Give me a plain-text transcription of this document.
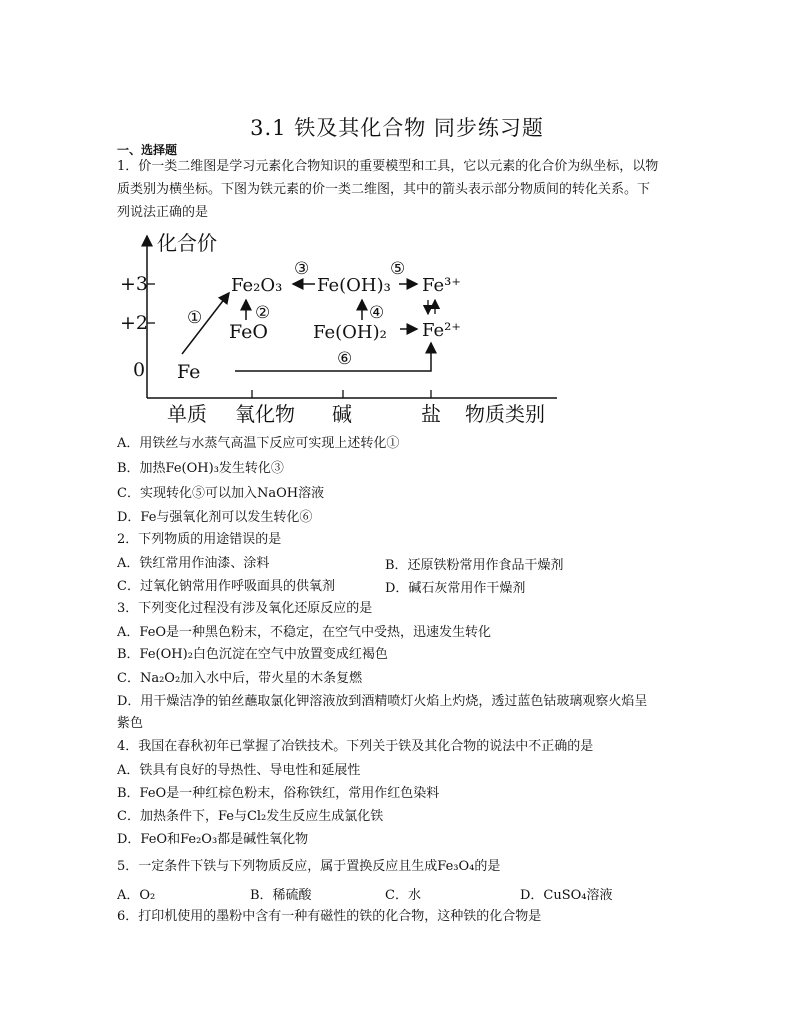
3.1 铁及其化合物 同步练习题
一、选择题
1．价一类二维图是学习元素化合物知识的重要模型和工具，它以元素的化合价为纵坐标，以物
质类别为横坐标。下图为铁元素的价一类二维图，其中的箭头表示部分物质间的转化关系。下
列说法正确的是
化合价
物质类别
+3
+2
0
单质 氧化物 碱	盐
Fe
Fe₂O₃
FeO
Fe(OH)₃
Fe(OH)₂
Fe³⁺
Fe²⁺
①	②
③
④
⑤
⑥
A．用铁丝与水蒸气高温下反应可实现上述转化①
B．加热Fe(OH)₃发生转化③
C．实现转化⑤可以加入NaOH溶液
D．Fe与强氧化剂可以发生转化⑥
2．下列物质的用途错误的是
A．铁红常用作油漆、涂料	B．还原铁粉常用作食品干燥剂
C．过氧化钠常用作呼吸面具的供氧剂	D．碱石灰常用作干燥剂
3．下列变化过程没有涉及氧化还原反应的是
A．FeO是一种黑色粉末，不稳定，在空气中受热，迅速发生转化
B．Fe(OH)₂白色沉淀在空气中放置变成红褐色
C．Na₂O₂加入水中后，带火星的木条复燃
D．用干燥洁净的铂丝蘸取氯化钾溶液放到酒精喷灯火焰上灼烧，透过蓝色钴玻璃观察火焰呈
紫色
4．我国在春秋初年已掌握了冶铁技术。下列关于铁及其化合物的说法中不正确的是
A．铁具有良好的导热性、导电性和延展性
B．FeO是一种红棕色粉末，俗称铁红，常用作红色染料
C．加热条件下，Fe与Cl₂发生反应生成氯化铁
D．FeO和Fe₂O₃都是碱性氧化物
5．一定条件下铁与下列物质反应，属于置换反应且生成Fe₃O₄的是
A．O₂	B．稀硫酸	C．水	D．CuSO₄溶液
6．打印机使用的墨粉中含有一种有磁性的铁的化合物，这种铁的化合物是
